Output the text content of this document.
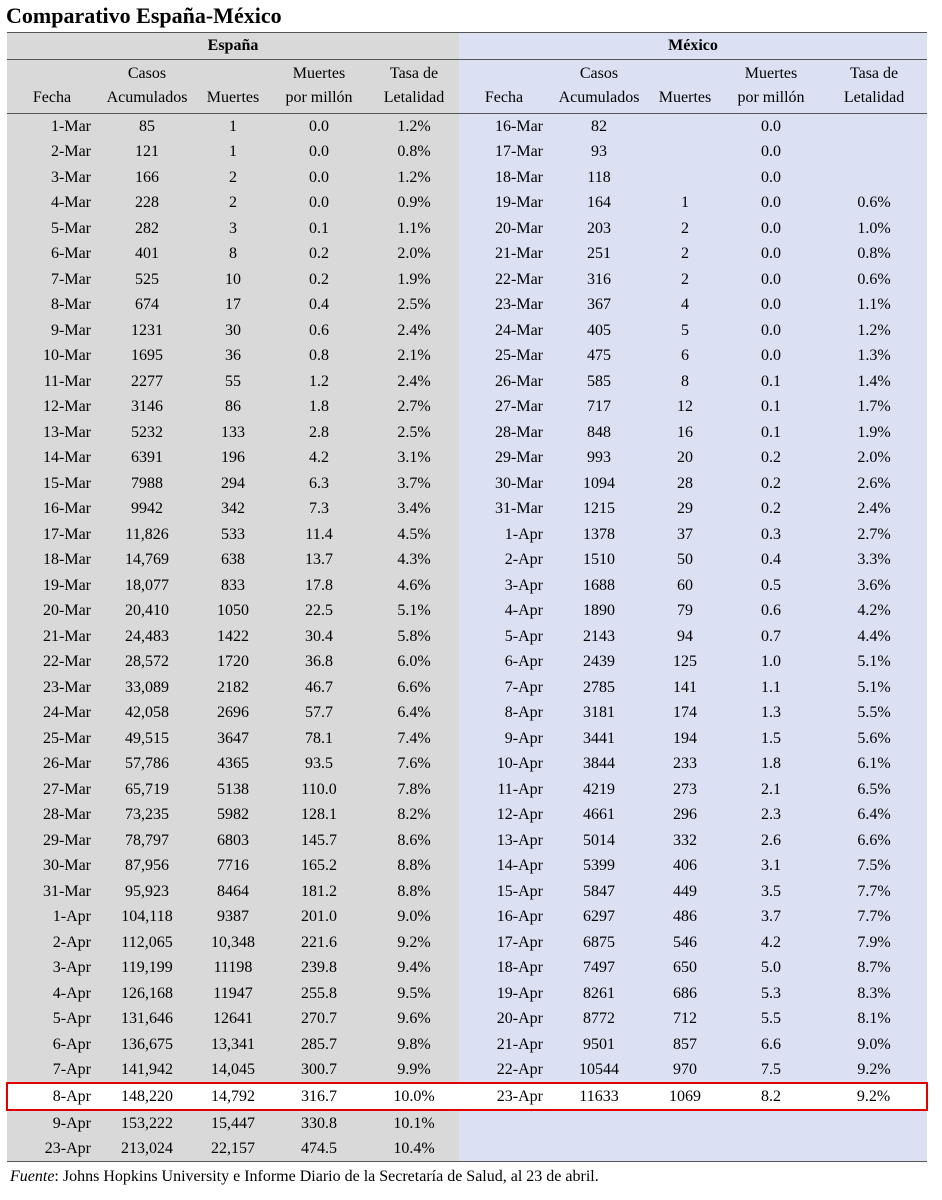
Comparativo España-México
España					México				
	Casos		Muertes	Tasa de		Casos		Muertes	Tasa de
Fecha	Acumulados	Muertes	por millón	Letalidad	Fecha	Acumulados	Muertes	por millón	Letalidad
1-Mar	85	1	0.0	1.2%	16-Mar	82		0.0	
2-Mar	121	1	0.0	0.8%	17-Mar	93		0.0	
3-Mar	166	2	0.0	1.2%	18-Mar	118		0.0	
4-Mar	228	2	0.0	0.9%	19-Mar	164	1	0.0	0.6%
5-Mar	282	3	0.1	1.1%	20-Mar	203	2	0.0	1.0%
6-Mar	401	8	0.2	2.0%	21-Mar	251	2	0.0	0.8%
7-Mar	525	10	0.2	1.9%	22-Mar	316	2	0.0	0.6%
8-Mar	674	17	0.4	2.5%	23-Mar	367	4	0.0	1.1%
9-Mar	1231	30	0.6	2.4%	24-Mar	405	5	0.0	1.2%
10-Mar	1695	36	0.8	2.1%	25-Mar	475	6	0.0	1.3%
11-Mar	2277	55	1.2	2.4%	26-Mar	585	8	0.1	1.4%
12-Mar	3146	86	1.8	2.7%	27-Mar	717	12	0.1	1.7%
13-Mar	5232	133	2.8	2.5%	28-Mar	848	16	0.1	1.9%
14-Mar	6391	196	4.2	3.1%	29-Mar	993	20	0.2	2.0%
15-Mar	7988	294	6.3	3.7%	30-Mar	1094	28	0.2	2.6%
16-Mar	9942	342	7.3	3.4%	31-Mar	1215	29	0.2	2.4%
17-Mar	11,826	533	11.4	4.5%	1-Apr	1378	37	0.3	2.7%
18-Mar	14,769	638	13.7	4.3%	2-Apr	1510	50	0.4	3.3%
19-Mar	18,077	833	17.8	4.6%	3-Apr	1688	60	0.5	3.6%
20-Mar	20,410	1050	22.5	5.1%	4-Apr	1890	79	0.6	4.2%
21-Mar	24,483	1422	30.4	5.8%	5-Apr	2143	94	0.7	4.4%
22-Mar	28,572	1720	36.8	6.0%	6-Apr	2439	125	1.0	5.1%
23-Mar	33,089	2182	46.7	6.6%	7-Apr	2785	141	1.1	5.1%
24-Mar	42,058	2696	57.7	6.4%	8-Apr	3181	174	1.3	5.5%
25-Mar	49,515	3647	78.1	7.4%	9-Apr	3441	194	1.5	5.6%
26-Mar	57,786	4365	93.5	7.6%	10-Apr	3844	233	1.8	6.1%
27-Mar	65,719	5138	110.0	7.8%	11-Apr	4219	273	2.1	6.5%
28-Mar	73,235	5982	128.1	8.2%	12-Apr	4661	296	2.3	6.4%
29-Mar	78,797	6803	145.7	8.6%	13-Apr	5014	332	2.6	6.6%
30-Mar	87,956	7716	165.2	8.8%	14-Apr	5399	406	3.1	7.5%
31-Mar	95,923	8464	181.2	8.8%	15-Apr	5847	449	3.5	7.7%
1-Apr	104,118	9387	201.0	9.0%	16-Apr	6297	486	3.7	7.7%
2-Apr	112,065	10,348	221.6	9.2%	17-Apr	6875	546	4.2	7.9%
3-Apr	119,199	11198	239.8	9.4%	18-Apr	7497	650	5.0	8.7%
4-Apr	126,168	11947	255.8	9.5%	19-Apr	8261	686	5.3	8.3%
5-Apr	131,646	12641	270.7	9.6%	20-Apr	8772	712	5.5	8.1%
6-Apr	136,675	13,341	285.7	9.8%	21-Apr	9501	857	6.6	9.0%
7-Apr	141,942	14,045	300.7	9.9%	22-Apr	10544	970	7.5	9.2%
8-Apr	148,220	14,792	316.7	10.0%	23-Apr	11633	1069	8.2	9.2%
9-Apr	153,222	15,447	330.8	10.1%					
23-Apr	213,024	22,157	474.5	10.4%					
Fuente: Johns Hopkins University e Informe Diario de la Secretaría de Salud, al 23 de abril.
